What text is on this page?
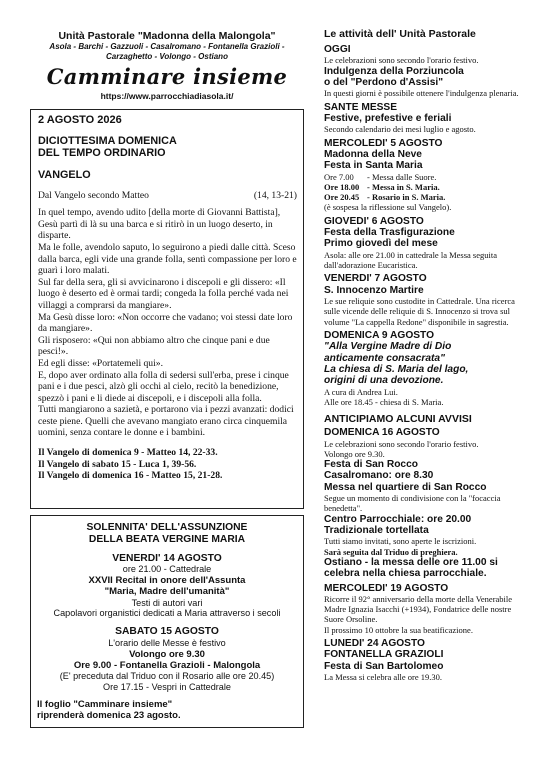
Unità Pastorale "Madonna della Malongola"
Asola - Barchi - Gazzuoli - Casalromano - Fontanella Grazioli -
Carzaghetto - Volongo - Ostiano
Camminare insieme
https://www.parrocchiadiasola.it/
2 AGOSTO 2026
DICIOTTESIMA DOMENICA
DEL TEMPO ORDINARIO
VANGELO
Dal Vangelo secondo Matteo	(14, 13-21)
In quel tempo, avendo udito [della morte di Giovanni Battista], Gesù partì di là su una barca e si ritirò in un luogo deserto, in disparte.
Ma le folle, avendolo saputo, lo seguirono a piedi dalle città. Sceso dalla barca, egli vide una grande folla, sentì compassione per loro e guarì i loro malati.
Sul far della sera, gli si avvicinarono i discepoli e gli dissero: «Il luogo è deserto ed è ormai tardi; congeda la folla perché vada nei villaggi a comprarsi da mangiare».
Ma Gesù disse loro: «Non occorre che vadano; voi stessi date loro da mangiare».
Gli risposero: «Qui non abbiamo altro che cinque pani e due pesci!».
Ed egli disse: «Portatemeli qui».
E, dopo aver ordinato alla folla di sedersi sull'erba, prese i cinque pani e i due pesci, alzò gli occhi al cielo, recitò la benedizione, spezzò i pani e li diede ai discepoli, e i discepoli alla folla.
Tutti mangiarono a sazietà, e portarono via i pezzi avanzati: dodici ceste piene. Quelli che avevano mangiato erano circa cinquemila uomini, senza contare le donne e i bambini.
Il Vangelo di domenica 9 - Matteo 14, 22-33.
Il Vangelo di sabato 15 - Luca 1, 39-56.
Il Vangelo di domenica 16 - Matteo 15, 21-28.
SOLENNITA' DELL'ASSUNZIONE
DELLA BEATA VERGINE MARIA
VENERDI' 14 AGOSTO
ore 21.00 - Cattedrale
XXVII Recital in onore dell'Assunta
"Maria, Madre dell'umanità"
Testi di autori vari
Capolavori organistici dedicati a Maria attraverso i secoli
SABATO 15 AGOSTO
L'orario delle Messe è festivo
Volongo ore 9.30
Ore 9.00 - Fontanella Grazioli - Malongola
(E' preceduta dal Triduo con il Rosario alle ore 20.45)
Ore 17.15 - Vespri in Cattedrale
Il foglio "Camminare insieme"
riprenderà domenica 23 agosto.
Le attività dell' Unità Pastorale
OGGI
Le celebrazioni sono secondo l'orario festivo.
Indulgenza della Porziuncola
o del "Perdono d'Assisi"
In questi giorni è possibile ottenere l'indulgenza plenaria.
SANTE MESSE
Festive, prefestive e feriali
Secondo calendario dei mesi luglio e agosto.
MERCOLEDI' 5 AGOSTO
Madonna della Neve
Festa in Santa Maria
Ore 7.00	- Messa dalle Suore.
Ore 18.00 - Messa in S. Maria.
Ore 20.45 - Rosario in S. Maria.
(è sospesa la riflessione sul Vangelo).
GIOVEDI' 6 AGOSTO
Festa della Trasfigurazione
Primo giovedì del mese
Asola: alle ore 21.00 in cattedrale la Messa seguita dall'adorazione Eucaristica.
VENERDI' 7 AGOSTO
S. Innocenzo Martire
Le sue reliquie sono custodite in Cattedrale. Una ricerca sulle vicende delle reliquie di S. Innocenzo si trova sul volume "La cappella Redone" disponibile in sagrestia.
DOMENICA 9 AGOSTO
"Alla Vergine Madre di Dio
anticamente consacrata"
La chiesa di S. Maria del lago,
origini di una devozione.
A cura di Andrea Lui.
Alle ore 18.45 - chiesa di S. Maria.
ANTICIPIAMO ALCUNI AVVISI
DOMENICA 16 AGOSTO
Le celebrazioni sono secondo l'orario festivo.
Volongo ore 9.30.
Festa di San Rocco
Casalromano: ore 8.30
Messa nel quartiere di San Rocco
Segue un momento di condivisione con la "focaccia benedetta".
Centro Parrocchiale: ore 20.00
Tradizionale tortellata
Tutti siamo invitati, sono aperte le iscrizioni.
Sarà seguita dal Triduo di preghiera.
Ostiano - la messa delle ore 11.00 si celebra nella chiesa parrocchiale.
MERCOLEDI' 19 AGOSTO
Ricorre il 92° anniversario della morte della Venerabile Madre Ignazia Isacchi (+1934), Fondatrice delle nostre Suore Orsoline.
Il prossimo 10 ottobre la sua beatificazione.
LUNEDI' 24 AGOSTO
FONTANELLA GRAZIOLI
Festa di San Bartolomeo
La Messa si celebra alle ore 19.30.
